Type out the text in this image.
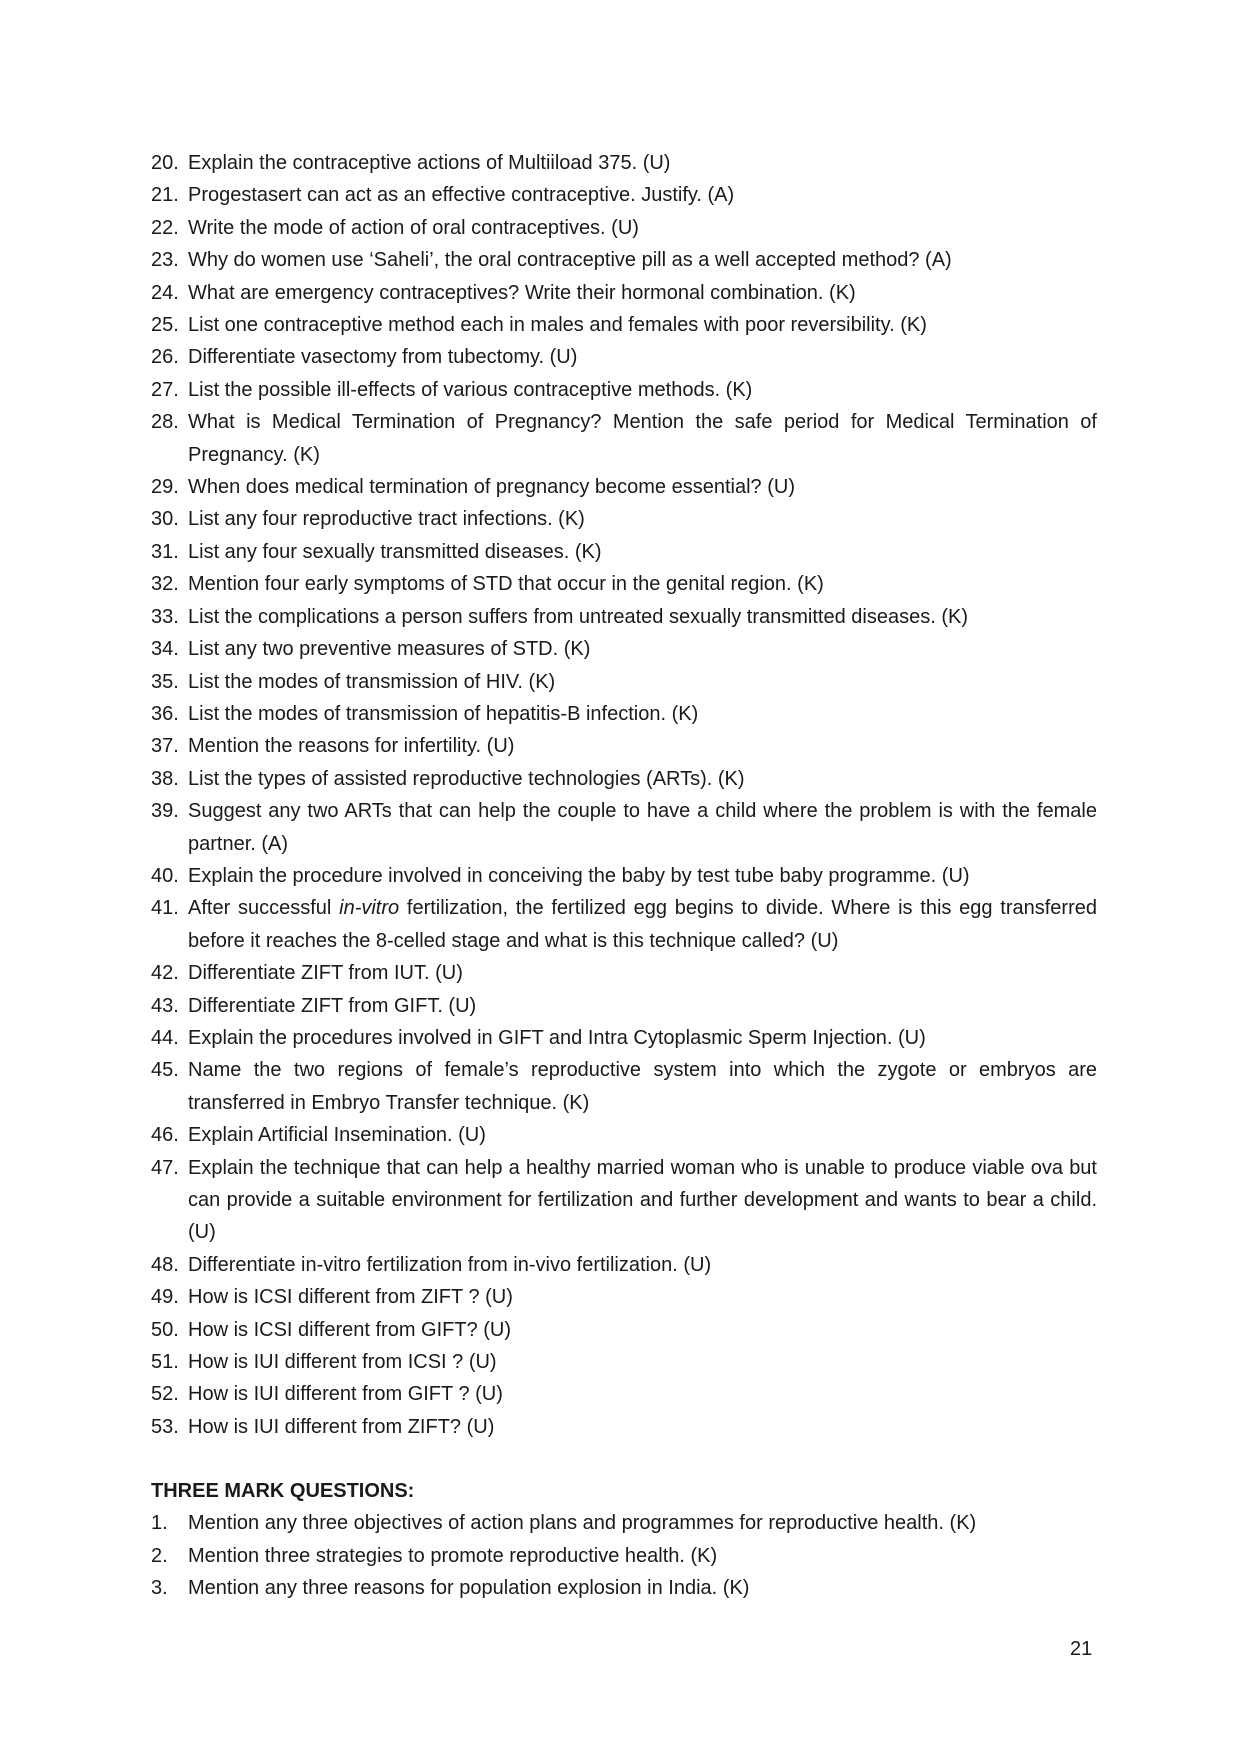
20. Explain the contraceptive actions of Multiiload 375. (U)
21. Progestasert can act as an effective contraceptive. Justify. (A)
22. Write the mode of action of oral contraceptives. (U)
23. Why do women use ‘Saheli’, the oral contraceptive pill as a well accepted method? (A)
24. What are emergency contraceptives? Write their hormonal combination. (K)
25. List one contraceptive method each in males and females with poor reversibility. (K)
26. Differentiate vasectomy from tubectomy. (U)
27. List the possible ill-effects of various contraceptive methods. (K)
28. What is Medical Termination of Pregnancy? Mention the safe period for Medical Termination of Pregnancy. (K)
29. When does medical termination of pregnancy become essential? (U)
30. List any four reproductive tract infections. (K)
31. List any four sexually transmitted diseases. (K)
32. Mention four early symptoms of STD that occur in the genital region. (K)
33. List the complications a person suffers from untreated sexually transmitted diseases. (K)
34. List any two preventive measures of STD. (K)
35. List the modes of transmission of HIV. (K)
36. List the modes of transmission of hepatitis-B infection. (K)
37. Mention the reasons for infertility. (U)
38. List the types of assisted reproductive technologies (ARTs). (K)
39. Suggest any two ARTs that can help the couple to have a child where the problem is with the female partner. (A)
40. Explain the procedure involved in conceiving the baby by test tube baby programme. (U)
41. After successful in-vitro fertilization, the fertilized egg begins to divide. Where is this egg transferred before it reaches the 8-celled stage and what is this technique called? (U)
42. Differentiate ZIFT from IUT. (U)
43. Differentiate ZIFT from GIFT. (U)
44. Explain the procedures involved in GIFT and Intra Cytoplasmic Sperm Injection. (U)
45. Name the two regions of female’s reproductive system into which the zygote or embryos are transferred in Embryo Transfer technique. (K)
46. Explain Artificial Insemination. (U)
47. Explain the technique that can help a healthy married woman who is unable to produce viable ova but can provide a suitable environment for fertilization and further development and wants to bear a child. (U)
48. Differentiate in-vitro fertilization from in-vivo fertilization. (U)
49. How is ICSI different from ZIFT ? (U)
50. How is ICSI different from GIFT? (U)
51. How is IUI different from ICSI ? (U)
52. How is IUI different from GIFT ? (U)
53. How is IUI different from ZIFT? (U)
THREE MARK QUESTIONS:
1.	Mention any three objectives of action plans and programmes for reproductive health. (K)
2.	Mention three strategies to promote reproductive health. (K)
3.	Mention any three reasons for population explosion in India. (K)
21
